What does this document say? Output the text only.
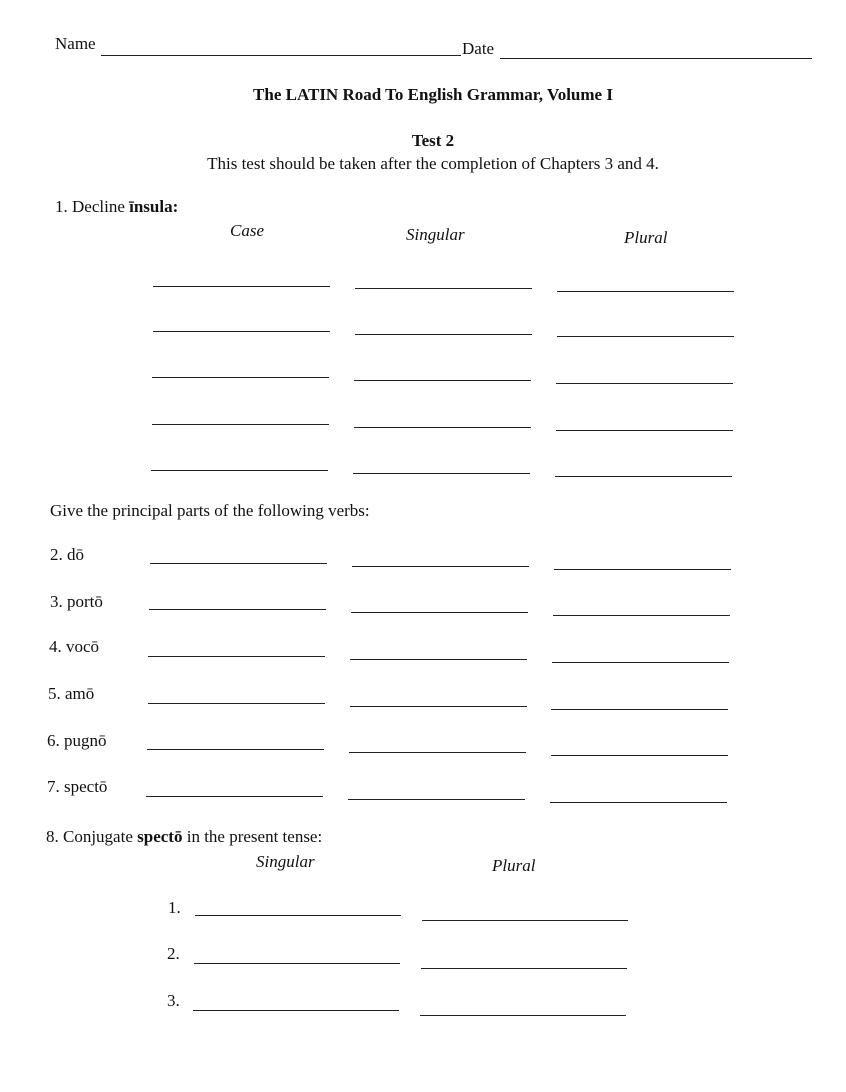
Name	Date
The LATIN Road To English Grammar, Volume I
Test 2
This test should be taken after the completion of Chapters 3 and 4.
1. Decline īnsula:
Case	Singular	Plural
Give the principal parts of the following verbs:
2. dō
3. portō
4. vocō
5. amō
6. pugnō
7. spectō
8. Conjugate spectō in the present tense:
Singular	Plural
1.
2.
3.
